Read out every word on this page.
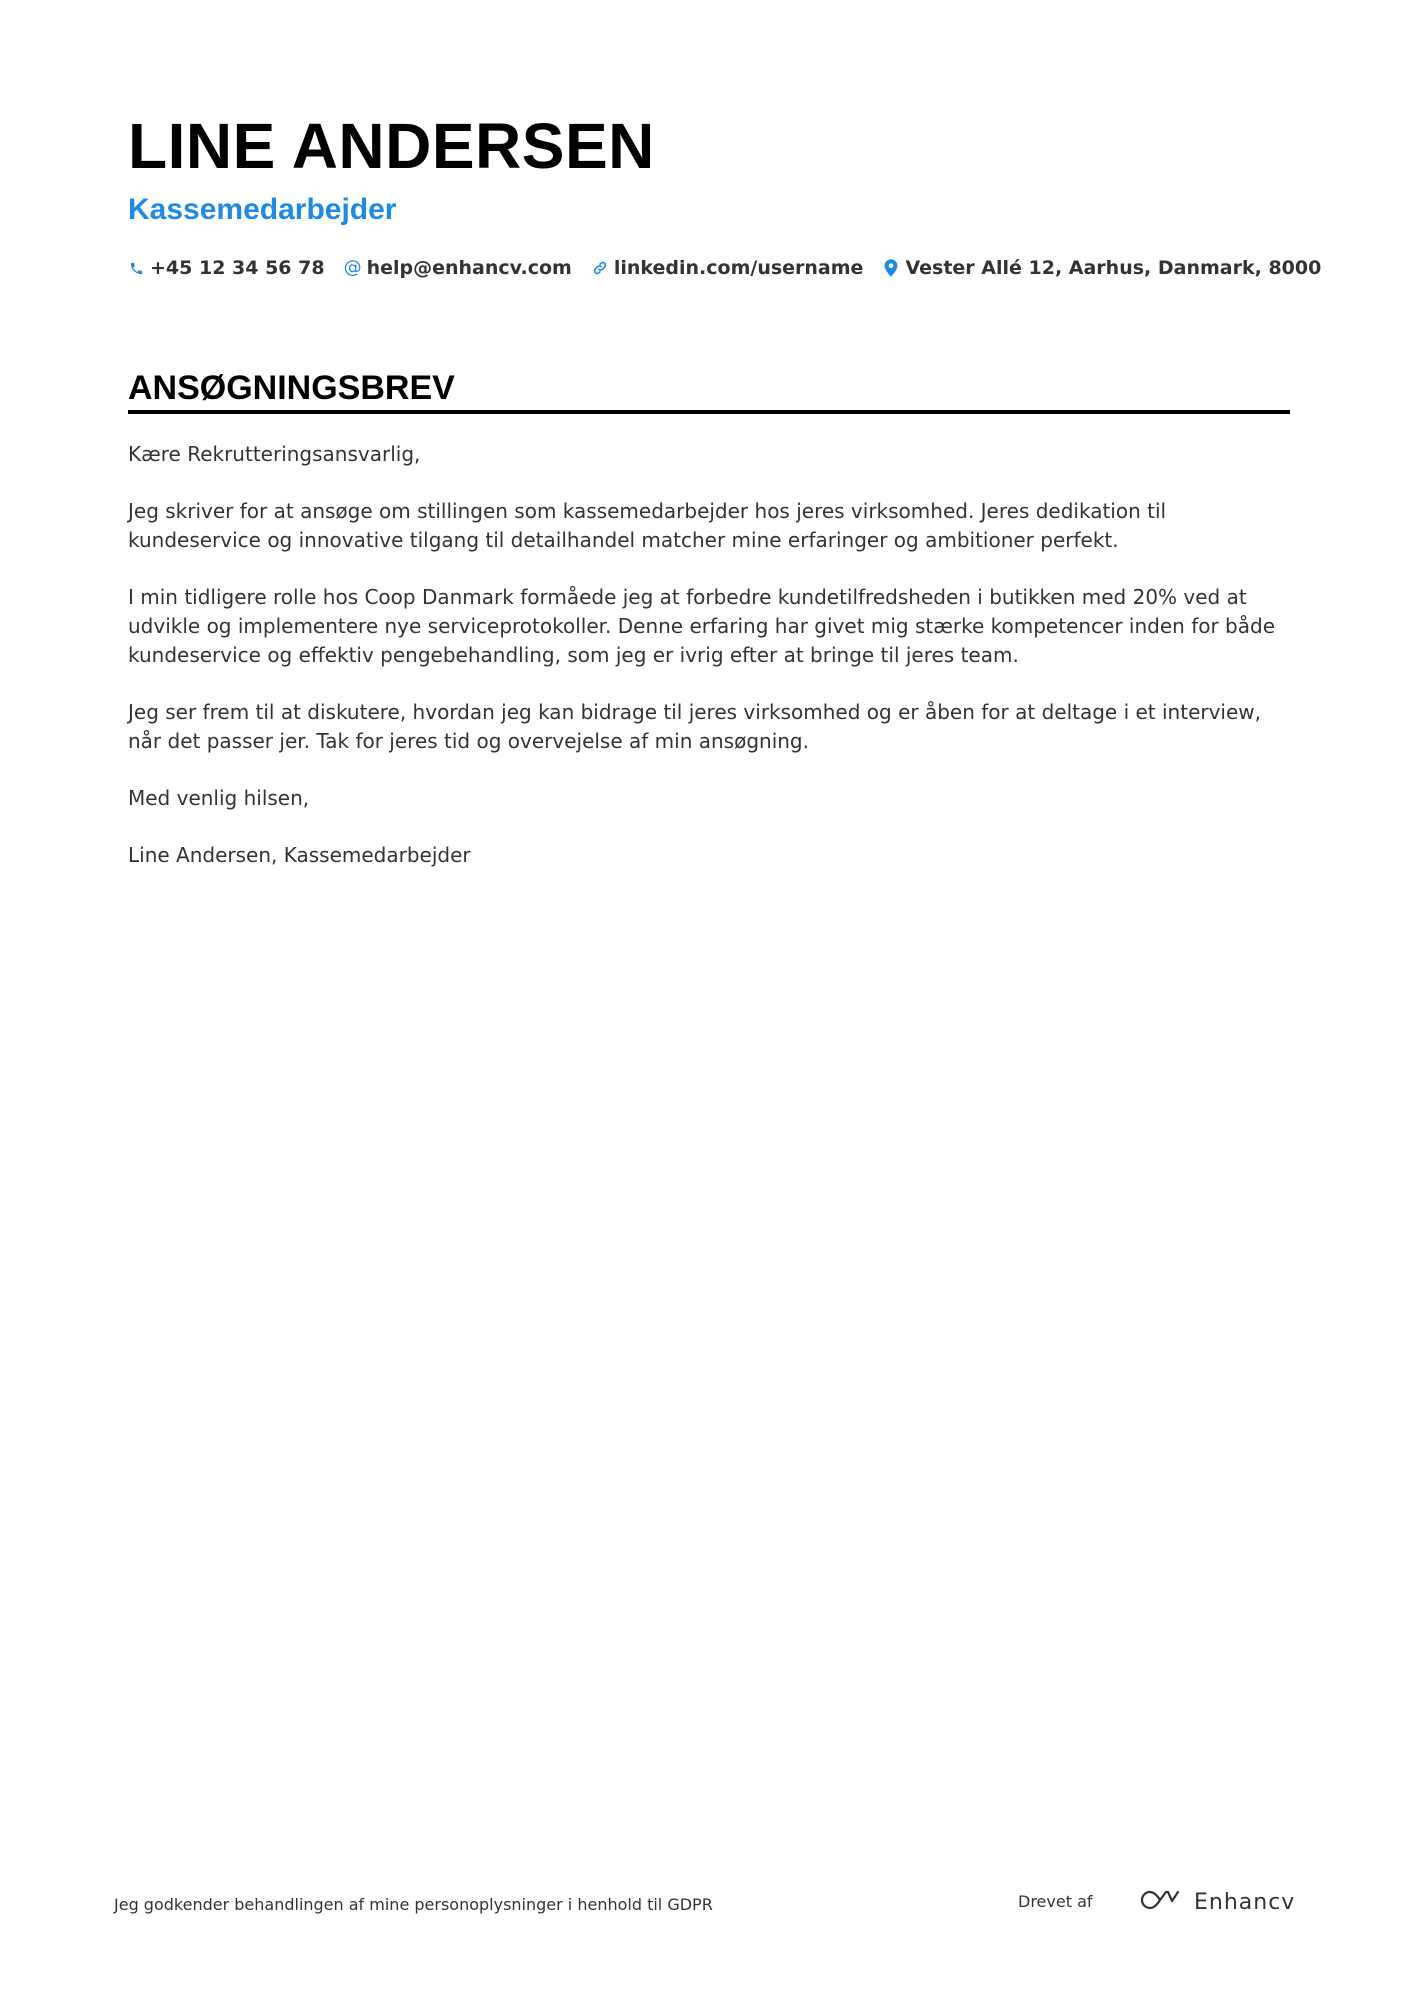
LINE ANDERSEN
Kassemedarbejder
+45 12 34 56 78 @ help@enhancv.com linkedin.com/username Vester Allé 12, Aarhus, Danmark, 8000
ANSØGNINGSBREV

Kære Rekrutteringsansvarlig,

Jeg skriver for at ansøge om stillingen som kassemedarbejder hos jeres virksomhed. Jeres dedikation til kundeservice og innovative tilgang til detailhandel matcher mine erfaringer og ambitioner perfekt.

I min tidligere rolle hos Coop Danmark formåede jeg at forbedre kundetilfredsheden i butikken med 20% ved at udvikle og implementere nye serviceprotokoller. Denne erfaring har givet mig stærke kompetencer inden for både kundeservice og effektiv pengebehandling, som jeg er ivrig efter at bringe til jeres team.

Jeg ser frem til at diskutere, hvordan jeg kan bidrage til jeres virksomhed og er åben for at deltage i et interview, når det passer jer. Tak for jeres tid og overvejelse af min ansøgning.

Med venlig hilsen,

Line Andersen, Kassemedarbejder

Jeg godkender behandlingen af mine personoplysninger i henhold til GDPR	Drevet af	Enhancv
